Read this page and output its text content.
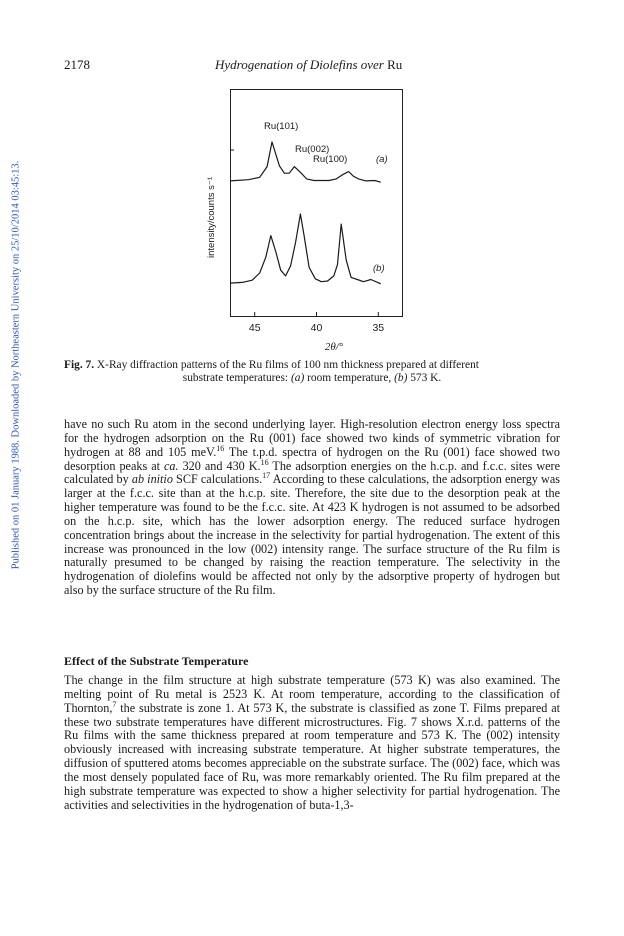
Published on 01 January 1988. Downloaded by Northeastern University on 25/10/2014 03:45:13.
2178	Hydrogenation of Diolefins over Ru
Ru(101)
Ru(002)
Ru(100)	(a)
(b)
intensity/counts s⁻¹
2θ/°
45	40	35
Fig. 7. X-Ray diffraction patterns of the Ru films of 100 nm thickness prepared at different
substrate temperatures: (a) room temperature, (b) 573 K.
have no such Ru atom in the second underlying layer. High-resolution electron energy loss spectra for the hydrogen adsorption on the Ru (001) face showed two kinds of symmetric vibration for hydrogen at 88 and 105 meV.$^{16}$ The t.p.d. spectra of hydrogen on the Ru (001) face showed two desorption peaks at ca. 320 and 430 K.$^{16}$ The adsorption energies on the h.c.p. and f.c.c. sites were calculated by ab initio SCF calculations.$^{17}$ According to these calculations, the adsorption energy was larger at the f.c.c. site than at the h.c.p. site. Therefore, the site due to the desorption peak at the higher temperature was found to be the f.c.c. site. At 423 K hydrogen is not assumed to be adsorbed on the h.c.p. site, which has the lower adsorption energy. The reduced surface hydrogen concentration brings about the increase in the selectivity for partial hydrogenation. The extent of this increase was pronounced in the low (002) intensity range. The surface structure of the Ru film is naturally presumed to be changed by raising the reaction temperature. The selectivity in the hydrogenation of diolefins would be affected not only by the adsorptive property of hydrogen but also by the surface structure of the Ru film.
Effect of the Substrate Temperature
The change in the film structure at high substrate temperature (573 K) was also examined. The melting point of Ru metal is 2523 K. At room temperature, according to the classification of Thornton,$^7$ the substrate is zone 1. At 573 K, the substrate is classified as zone T. Films prepared at these two substrate temperatures have different microstructures. Fig. 7 shows X.r.d. patterns of the Ru films with the same thickness prepared at room temperature and 573 K. The (002) intensity obviously increased with increasing substrate temperature. At higher substrate temperatures, the diffusion of sputtered atoms becomes appreciable on the substrate surface. The (002) face, which was the most densely populated face of Ru, was more remarkably oriented. The Ru film prepared at the high substrate temperature was expected to show a higher selectivity for partial hydrogenation. The activities and selectivities in the hydrogenation of buta-1,3-
